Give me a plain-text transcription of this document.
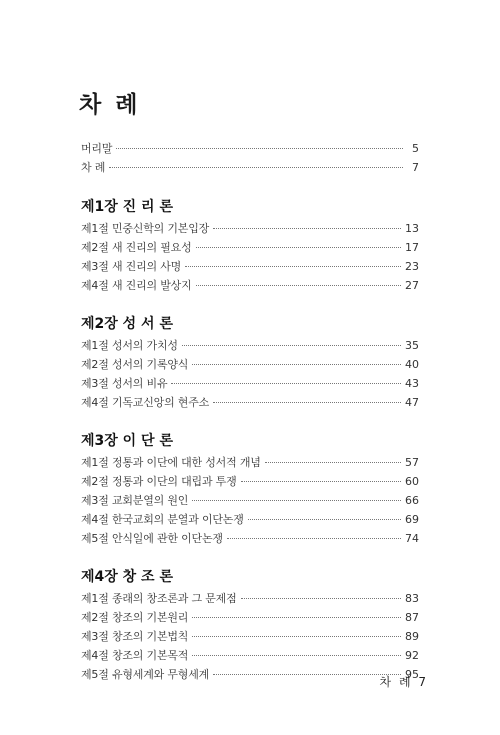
차 례
머리말	5
차 례	7
제1장 진 리 론
제1절 민중신학의 기본입장	13
제2절 새 진리의 필요성	17
제3절 새 진리의 사명	23
제4절 새 진리의 발상지	27
제2장 성 서 론
제1절 성서의 가치성	35
제2절 성서의 기록양식	40
제3절 성서의 비유	43
제4절 기독교신앙의 현주소	47
제3장 이 단 론
제1절 정통과 이단에 대한 성서적 개념	57
제2절 정통과 이단의 대립과 투쟁	60
제3절 교회분열의 원인	66
제4절 한국교회의 분열과 이단논쟁	69
제5절 안식일에 관한 이단논쟁	74
제4장 창 조 론
제1절 종래의 창조론과 그 문제점	83
제2절 창조의 기본원리	87
제3절 창조의 기본법칙	89
제4절 창조의 기본목적	92
제5절 유형세계와 무형세계	95
차 례 7
